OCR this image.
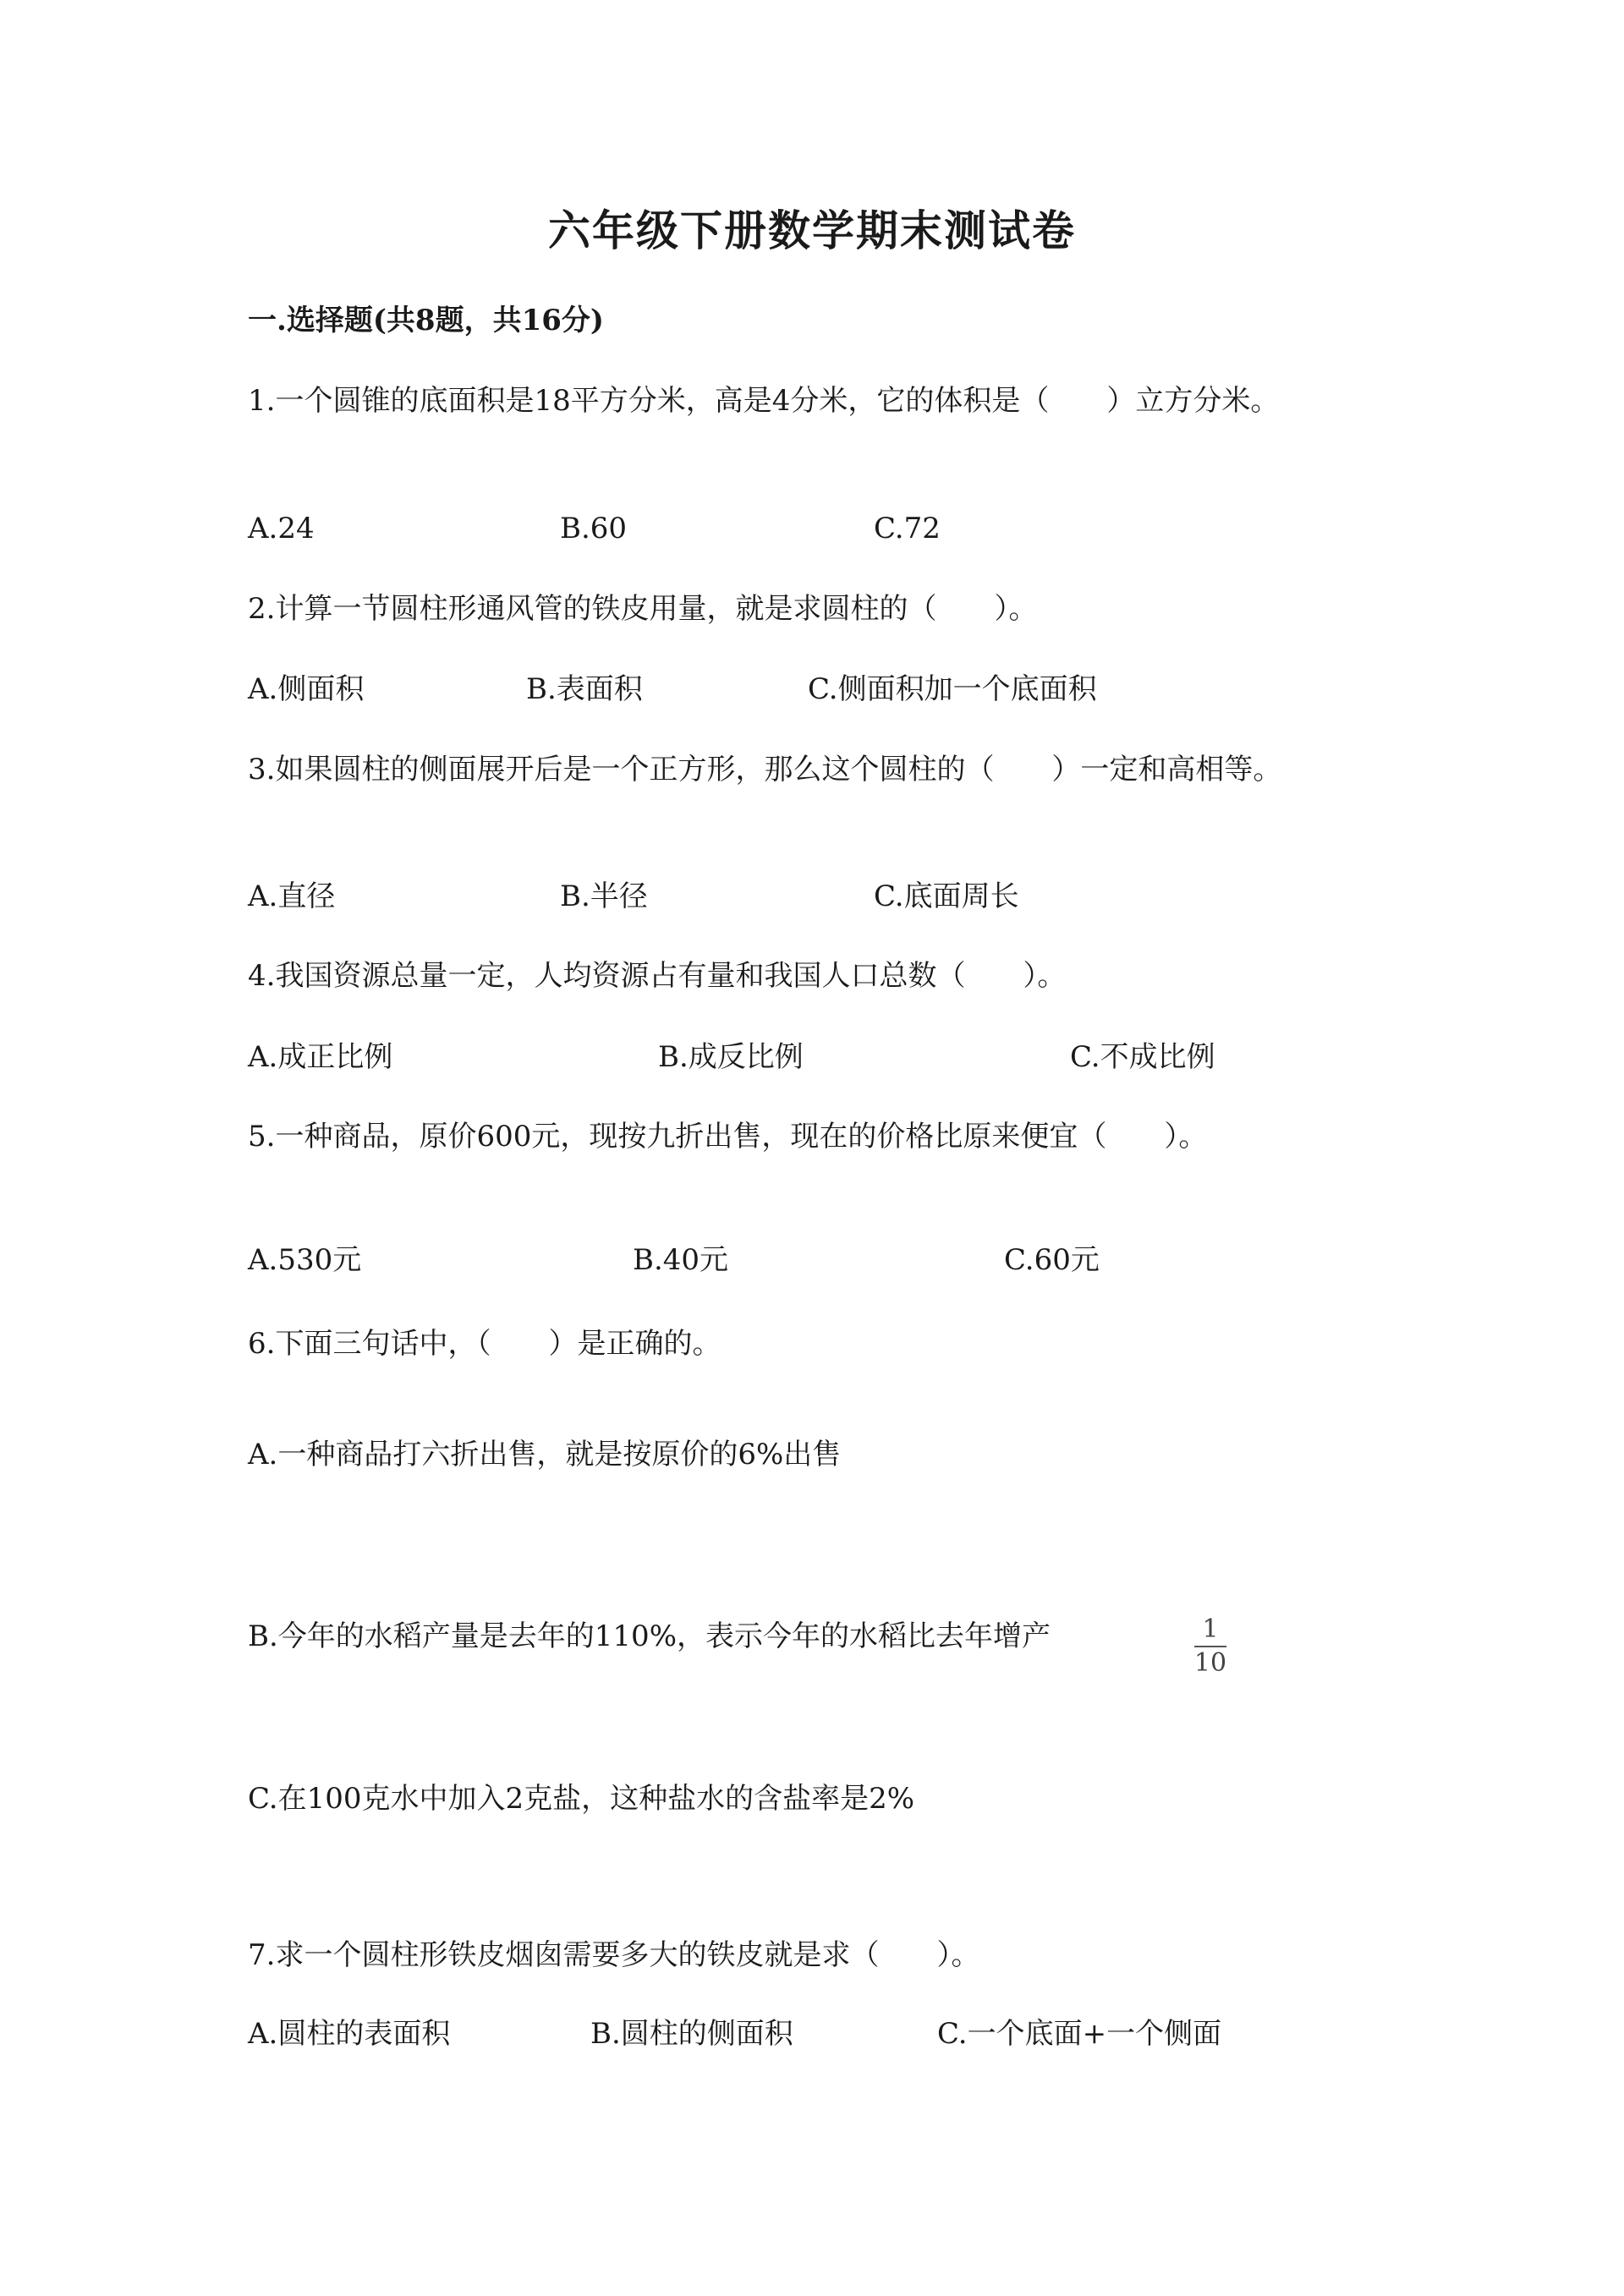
六年级下册数学期末测试卷
一.选择题(共8题，共16分)
1.一个圆锥的底面积是18平方分米，高是4分米，它的体积是（　　）立方分米。
A.24	B.60	C.72
2.计算一节圆柱形通风管的铁皮用量，就是求圆柱的（　　）。
A.侧面积	B.表面积	C.侧面积加一个底面积
3.如果圆柱的侧面展开后是一个正方形，那么这个圆柱的（　　）一定和高相等。
A.直径	B.半径	C.底面周长
4.我国资源总量一定，人均资源占有量和我国人口总数（　　）。
A.成正比例	B.成反比例	C.不成比例
5.一种商品，原价600元，现按九折出售，现在的价格比原来便宜（　　）。
A.530元	B.40元	C.60元
6.下面三句话中，（　　）是正确的。
A.一种商品打六折出售，就是按原价的6%出售
B.今年的水稻产量是去年的110%，表示今年的水稻比去年增产	1
10
C.在100克水中加入2克盐，这种盐水的含盐率是2%
7.求一个圆柱形铁皮烟囱需要多大的铁皮就是求（　　）。
A.圆柱的表面积	B.圆柱的侧面积	C.一个底面+一个侧面
